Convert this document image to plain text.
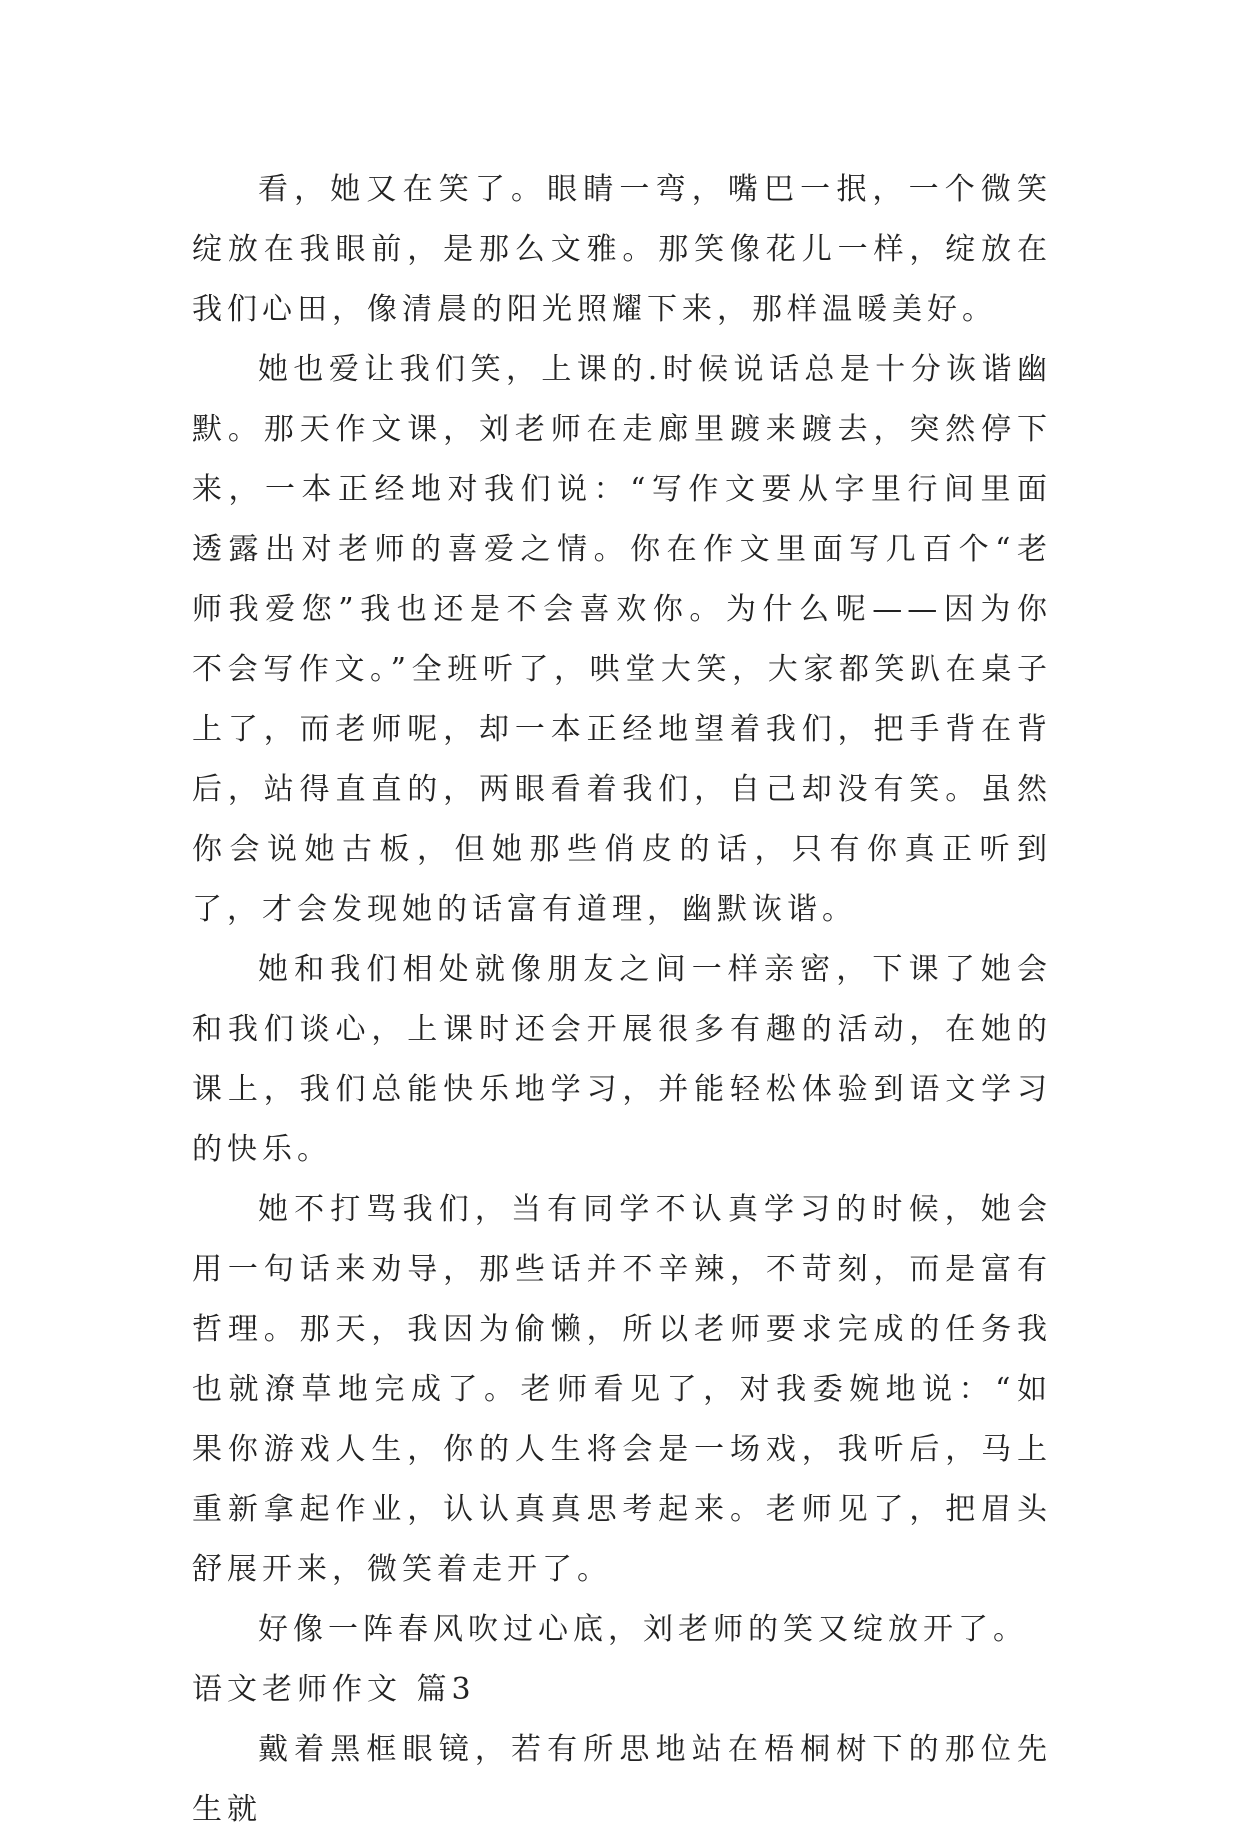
看，她又在笑了。眼睛一弯，嘴巴一抿，一个微笑绽放在我眼前，是那么文雅。那笑像花儿一样，绽放在我们心田，像清晨的阳光照耀下来，那样温暖美好。

她也爱让我们笑，上课的.时候说话总是十分诙谐幽默。那天作文课，刘老师在走廊里踱来踱去，突然停下来，一本正经地对我们说：“写作文要从字里行间里面透露出对老师的喜爱之情。你在作文里面写几百个“老师我爱您”我也还是不会喜欢你。为什么呢——因为你不会写作文。”全班听了，哄堂大笑，大家都笑趴在桌子上了，而老师呢，却一本正经地望着我们，把手背在背后，站得直直的，两眼看着我们，自己却没有笑。虽然你会说她古板，但她那些俏皮的话，只有你真正听到了，才会发现她的话富有道理，幽默诙谐。

她和我们相处就像朋友之间一样亲密，下课了她会和我们谈心，上课时还会开展很多有趣的活动，在她的课上，我们总能快乐地学习，并能轻松体验到语文学习的快乐。

她不打骂我们，当有同学不认真学习的时候，她会用一句话来劝导，那些话并不辛辣，不苛刻，而是富有哲理。那天，我因为偷懒，所以老师要求完成的任务我也就潦草地完成了。老师看见了，对我委婉地说：“如果你游戏人生，你的人生将会是一场戏，我听后，马上重新拿起作业，认认真真思考起来。老师见了，把眉头舒展开来，微笑着走开了。

好像一阵春风吹过心底，刘老师的笑又绽放开了。

语文老师作文 篇3

戴着黑框眼镜，若有所思地站在梧桐树下的那位先生就
